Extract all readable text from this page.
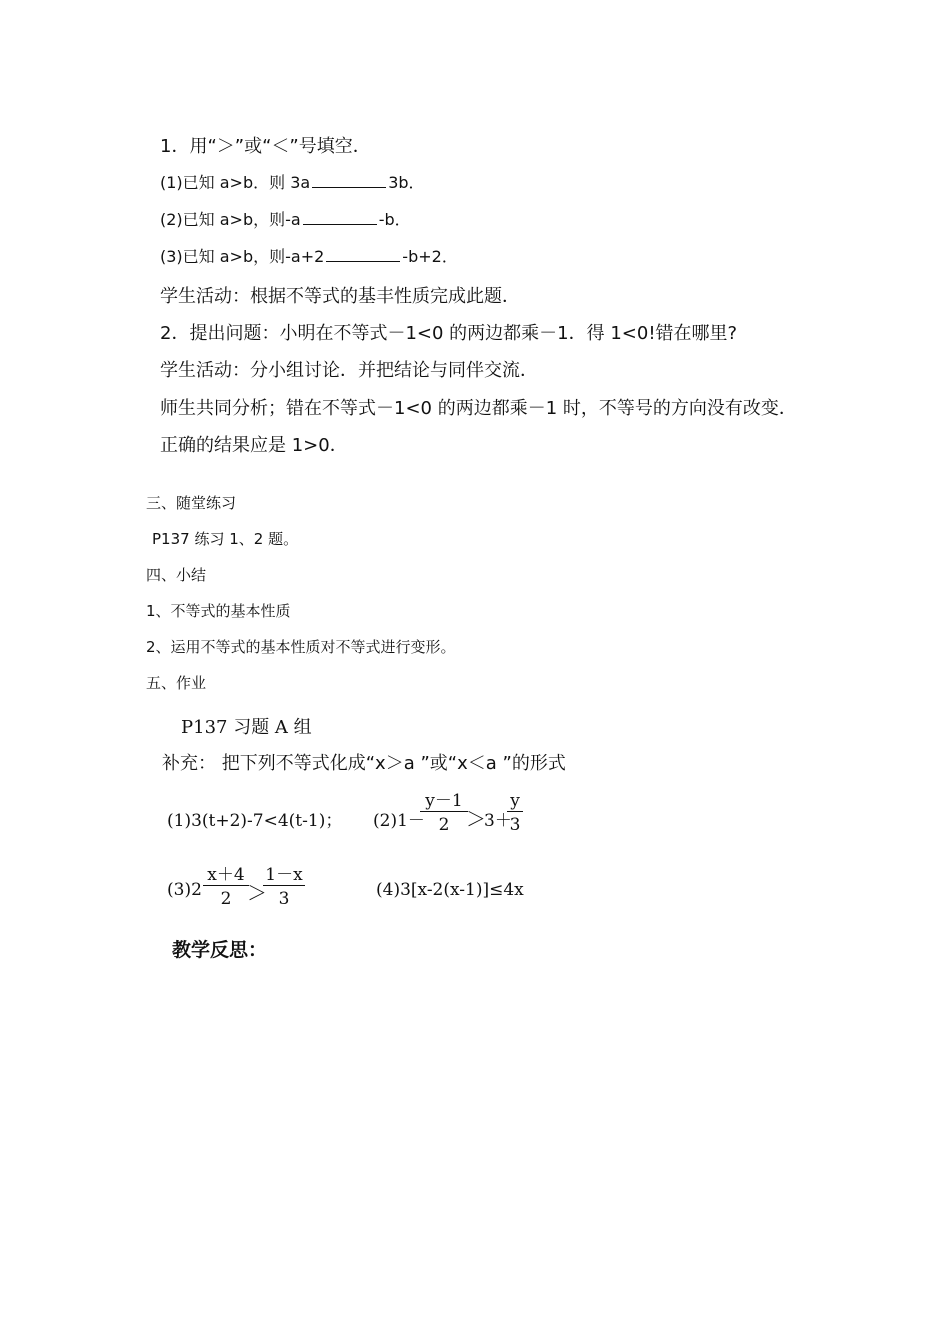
1．用“＞”或“＜”号填空．
(1)已知 a>b．则 3a	3b．
(2)已知 a>b，则-a	-b．
(3)已知 a>b，则-a+2	-b+2．
学生活动：根据不等式的基丰性质完成此题．
2．提出问题：小明在不等式－1<0 的两边都乘－1．得 1<0!错在哪里?
学生活动：分小组讨论．并把结论与同伴交流．
师生共同分析；错在不等式－1<0 的两边都乘－1 时，不等号的方向没有改变．
正确的结果应是 1>0．
三、随堂练习
P137 练习 1、2 题。
四、小结
1、不等式的基本性质
2、运用不等式的基本性质对不等式进行变形。
五、作业
P137 习题 A 组
补充： 把下列不等式化成“x＞a ”或“x＜a ”的形式
(1)3(t+2)-7<4(t-1)； (2)1－
$\frac{y-1}{2}$
＞
3＋
$\frac{y}{3}$
$(3)2 \frac{x+4}{2}$
＞
$\frac{1-x}{3}$	(4)3[x-2(x-1)]≤4x
教学反思：
